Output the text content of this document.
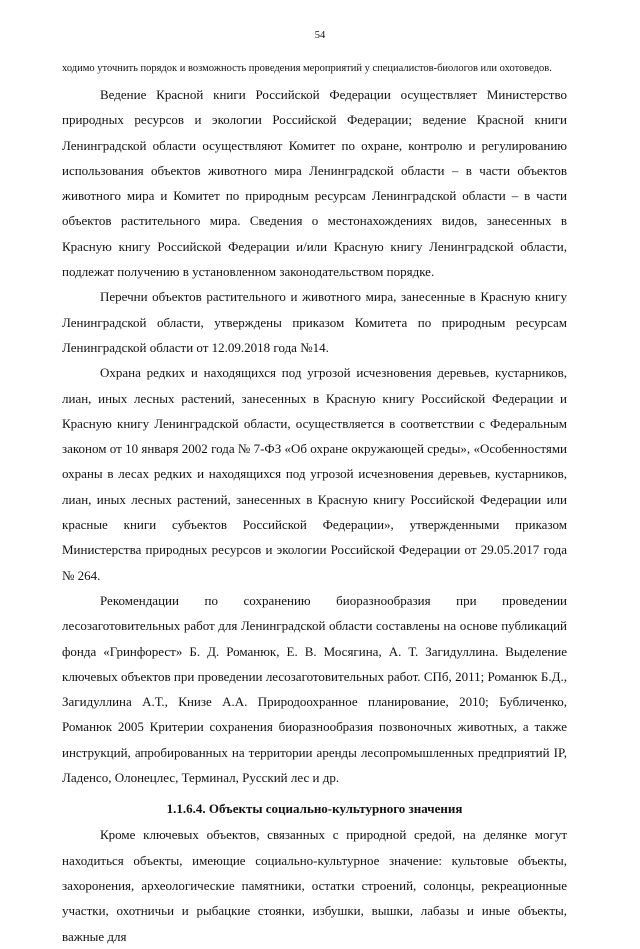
54

ходимо уточнить порядок и возможность проведения мероприятий у специалистов-биологов или охотоведов.

Ведение Красной книги Российской Федерации осуществляет Министерство природных ресурсов и экологии Российской Федерации; ведение Красной книги Ленинградской области осуществляют Комитет по охране, контролю и регулированию использования объектов животного мира Ленинградской области – в части объектов животного мира и Комитет по природным ресурсам Ленинградской области – в части объектов растительного мира. Сведения о местонахождениях видов, занесенных в Красную книгу Российской Федерации и/или Красную книгу Ленинградской области, подлежат получению в установленном законодательством порядке.

Перечни объектов растительного и животного мира, занесенные в Красную книгу Ленинградской области, утверждены приказом Комитета по природным ресурсам Ленинградской области от 12.09.2018 года №14.

Охрана редких и находящихся под угрозой исчезновения деревьев, кустарников, лиан, иных лесных растений, занесенных в Красную книгу Российской Федерации и Красную книгу Ленинградской области, осуществляется в соответствии с Федеральным законом от 10 января 2002 года № 7-ФЗ «Об охране окружающей среды», «Особенностями охраны в лесах редких и находящихся под угрозой исчезновения деревьев, кустарников, лиан, иных лесных растений, занесенных в Красную книгу Российской Федерации или красные книги субъектов Российской Федерации», утвержденными приказом Министерства природных ресурсов и экологии Российской Федерации от 29.05.2017 года № 264.

Рекомендации по сохранению биоразнообразия при проведении лесозаготовительных работ для Ленинградской области составлены на основе публикаций фонда «Гринфорест» Б. Д. Романюк, Е. В. Мосягина, А. Т. Загидуллина. Выделение ключевых объектов при проведении лесозаготовительных работ. СПб, 2011; Романюк Б.Д., Загидуллина А.Т., Книзе А.А. Природоохранное планирование, 2010; Бубличенко, Романюк 2005 Критерии сохранения биоразнообразия позвоночных животных, а также инструкций, апробированных на территории аренды лесопромышленных предприятий IP, Ладенсо, Олонецлес, Терминал, Русский лес и др.

1.1.6.4. Объекты социально-культурного значения

Кроме ключевых объектов, связанных с природной средой, на делянке могут находиться объекты, имеющие социально-культурное значение: культовые объекты, захоронения, археологические памятники, остатки строений, солонцы, рекреационные участки, охотничьи и рыбацкие стоянки, избушки, вышки, лабазы и иные объекты, важные для
